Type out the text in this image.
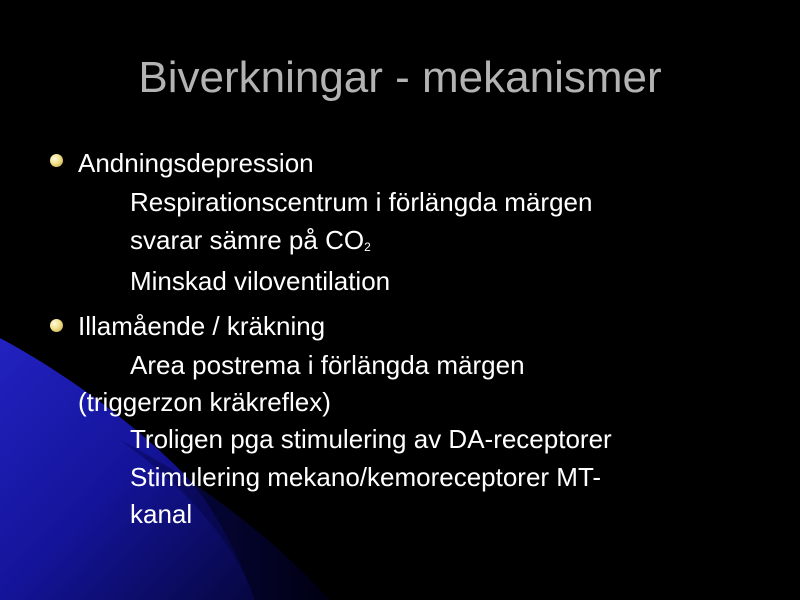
Biverkningar - mekanismer
Andningsdepression
Respirationscentrum i förlängda märgen
svarar sämre på $CO_2$
Minskad viloventilation
Illamående / kräkning
Area postrema i förlängda märgen
(triggerzon kräkreflex)
Troligen pga stimulering av DA-receptorer
Stimulering mekano/kemoreceptorer MT-
kanal
